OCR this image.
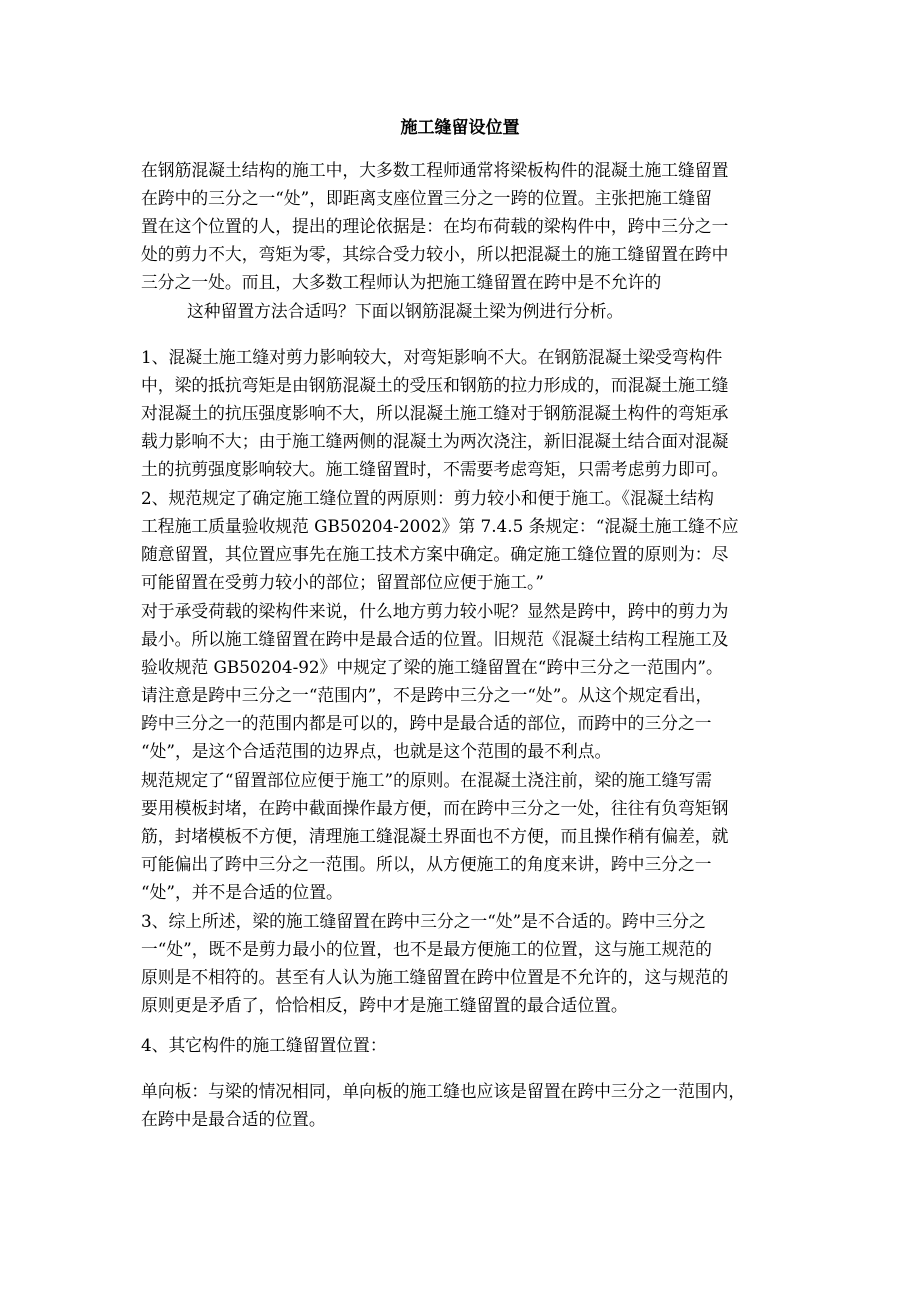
施工缝留设位置

在钢筋混凝土结构的施工中，大多数工程师通常将梁板构件的混凝土施工缝留置
在跨中的三分之一“处”，即距离支座位置三分之一跨的位置。主张把施工缝留
置在这个位置的人，提出的理论依据是：在均布荷载的梁构件中，跨中三分之一
处的剪力不大，弯矩为零，其综合受力较小，所以把混凝土的施工缝留置在跨中
三分之一处。而且，大多数工程师认为把施工缝留置在跨中是不允许的

这种留置方法合适吗？下面以钢筋混凝土梁为例进行分析。

1、混凝土施工缝对剪力影响较大，对弯矩影响不大。在钢筋混凝土梁受弯构件
中，梁的抵抗弯矩是由钢筋混凝土的受压和钢筋的拉力形成的，而混凝土施工缝
对混凝土的抗压强度影响不大，所以混凝土施工缝对于钢筋混凝土构件的弯矩承
载力影响不大；由于施工缝两侧的混凝土为两次浇注，新旧混凝土结合面对混凝
土的抗剪强度影响较大。施工缝留置时，不需要考虑弯矩，只需考虑剪力即可。

2、规范规定了确定施工缝位置的两原则：剪力较小和便于施工。《混凝土结构
工程施工质量验收规范 GB50204-2002》第 7.4.5 条规定：“混凝土施工缝不应
随意留置，其位置应事先在施工技术方案中确定。确定施工缝位置的原则为：尽
可能留置在受剪力较小的部位；留置部位应便于施工。”

对于承受荷载的梁构件来说，什么地方剪力较小呢？显然是跨中，跨中的剪力为
最小。所以施工缝留置在跨中是最合适的位置。旧规范《混凝土结构工程施工及
验收规范 GB50204-92》中规定了梁的施工缝留置在“跨中三分之一范围内”。
请注意是跨中三分之一“范围内”，不是跨中三分之一“处”。从这个规定看出，
跨中三分之一的范围内都是可以的，跨中是最合适的部位，而跨中的三分之一
“处”，是这个合适范围的边界点，也就是这个范围的最不利点。

规范规定了“留置部位应便于施工”的原则。在混凝土浇注前，梁的施工缝写需
要用模板封堵，在跨中截面操作最方便，而在跨中三分之一处，往往有负弯矩钢
筋，封堵模板不方便，清理施工缝混凝土界面也不方便，而且操作稍有偏差，就
可能偏出了跨中三分之一范围。所以，从方便施工的角度来讲，跨中三分之一
“处”，并不是合适的位置。

3、综上所述，梁的施工缝留置在跨中三分之一“处”是不合适的。跨中三分之
一“处”，既不是剪力最小的位置，也不是最方便施工的位置，这与施工规范的
原则是不相符的。甚至有人认为施工缝留置在跨中位置是不允许的，这与规范的
原则更是矛盾了，恰恰相反，跨中才是施工缝留置的最合适位置。

4、其它构件的施工缝留置位置：

单向板：与梁的情况相同，单向板的施工缝也应该是留置在跨中三分之一范围内，
在跨中是最合适的位置。
